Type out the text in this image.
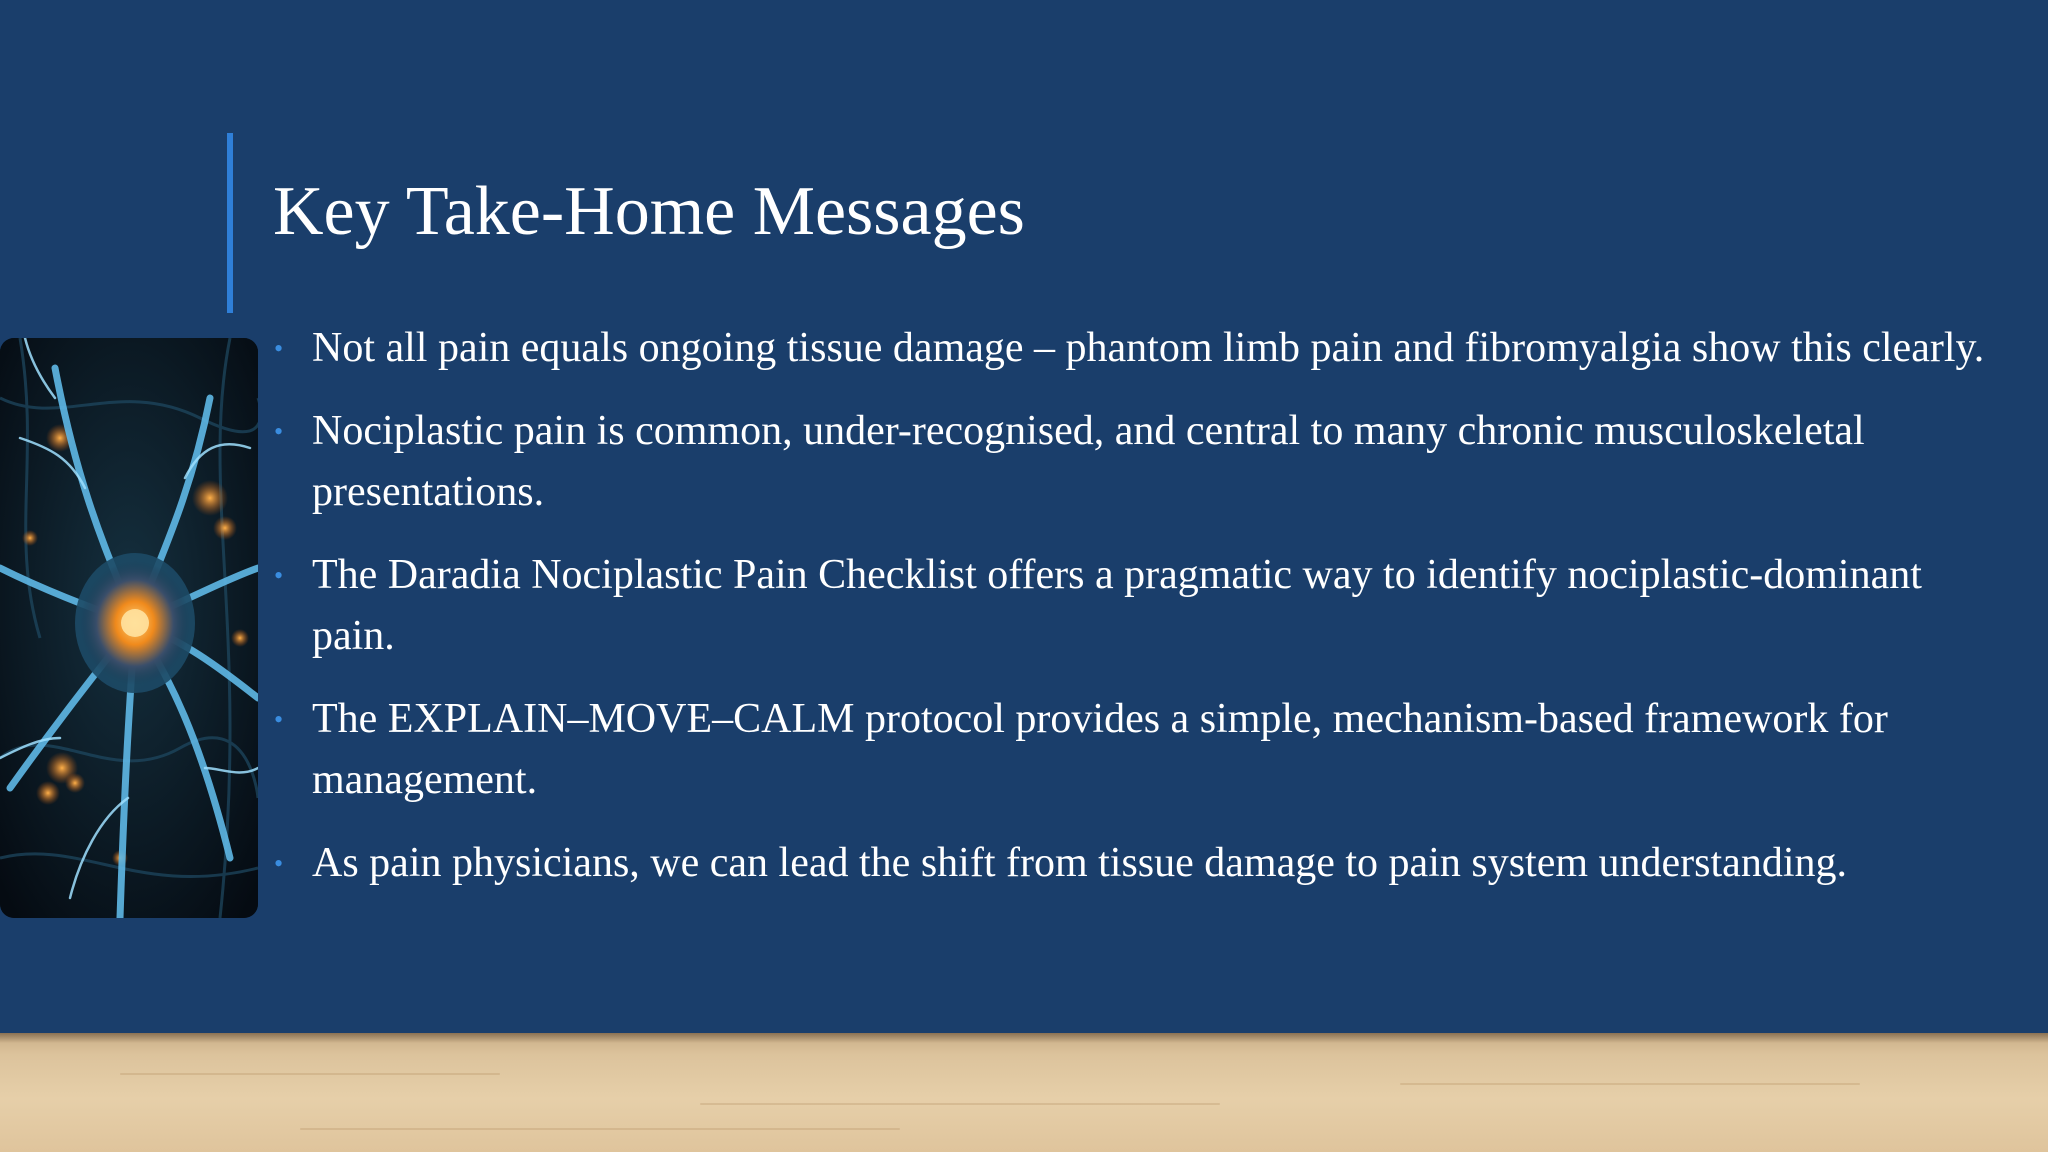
Key Take-Home Messages
• Not all pain equals ongoing tissue damage – phantom limb pain and fibromyalgia show this clearly.
• Nociplastic pain is common, under-recognised, and central to many chronic musculoskeletal presentations.
• The Daradia Nociplastic Pain Checklist offers a pragmatic way to identify nociplastic-dominant pain.
• The EXPLAIN–MOVE–CALM protocol provides a simple, mechanism-based framework for management.
• As pain physicians, we can lead the shift from tissue damage to pain system understanding.
